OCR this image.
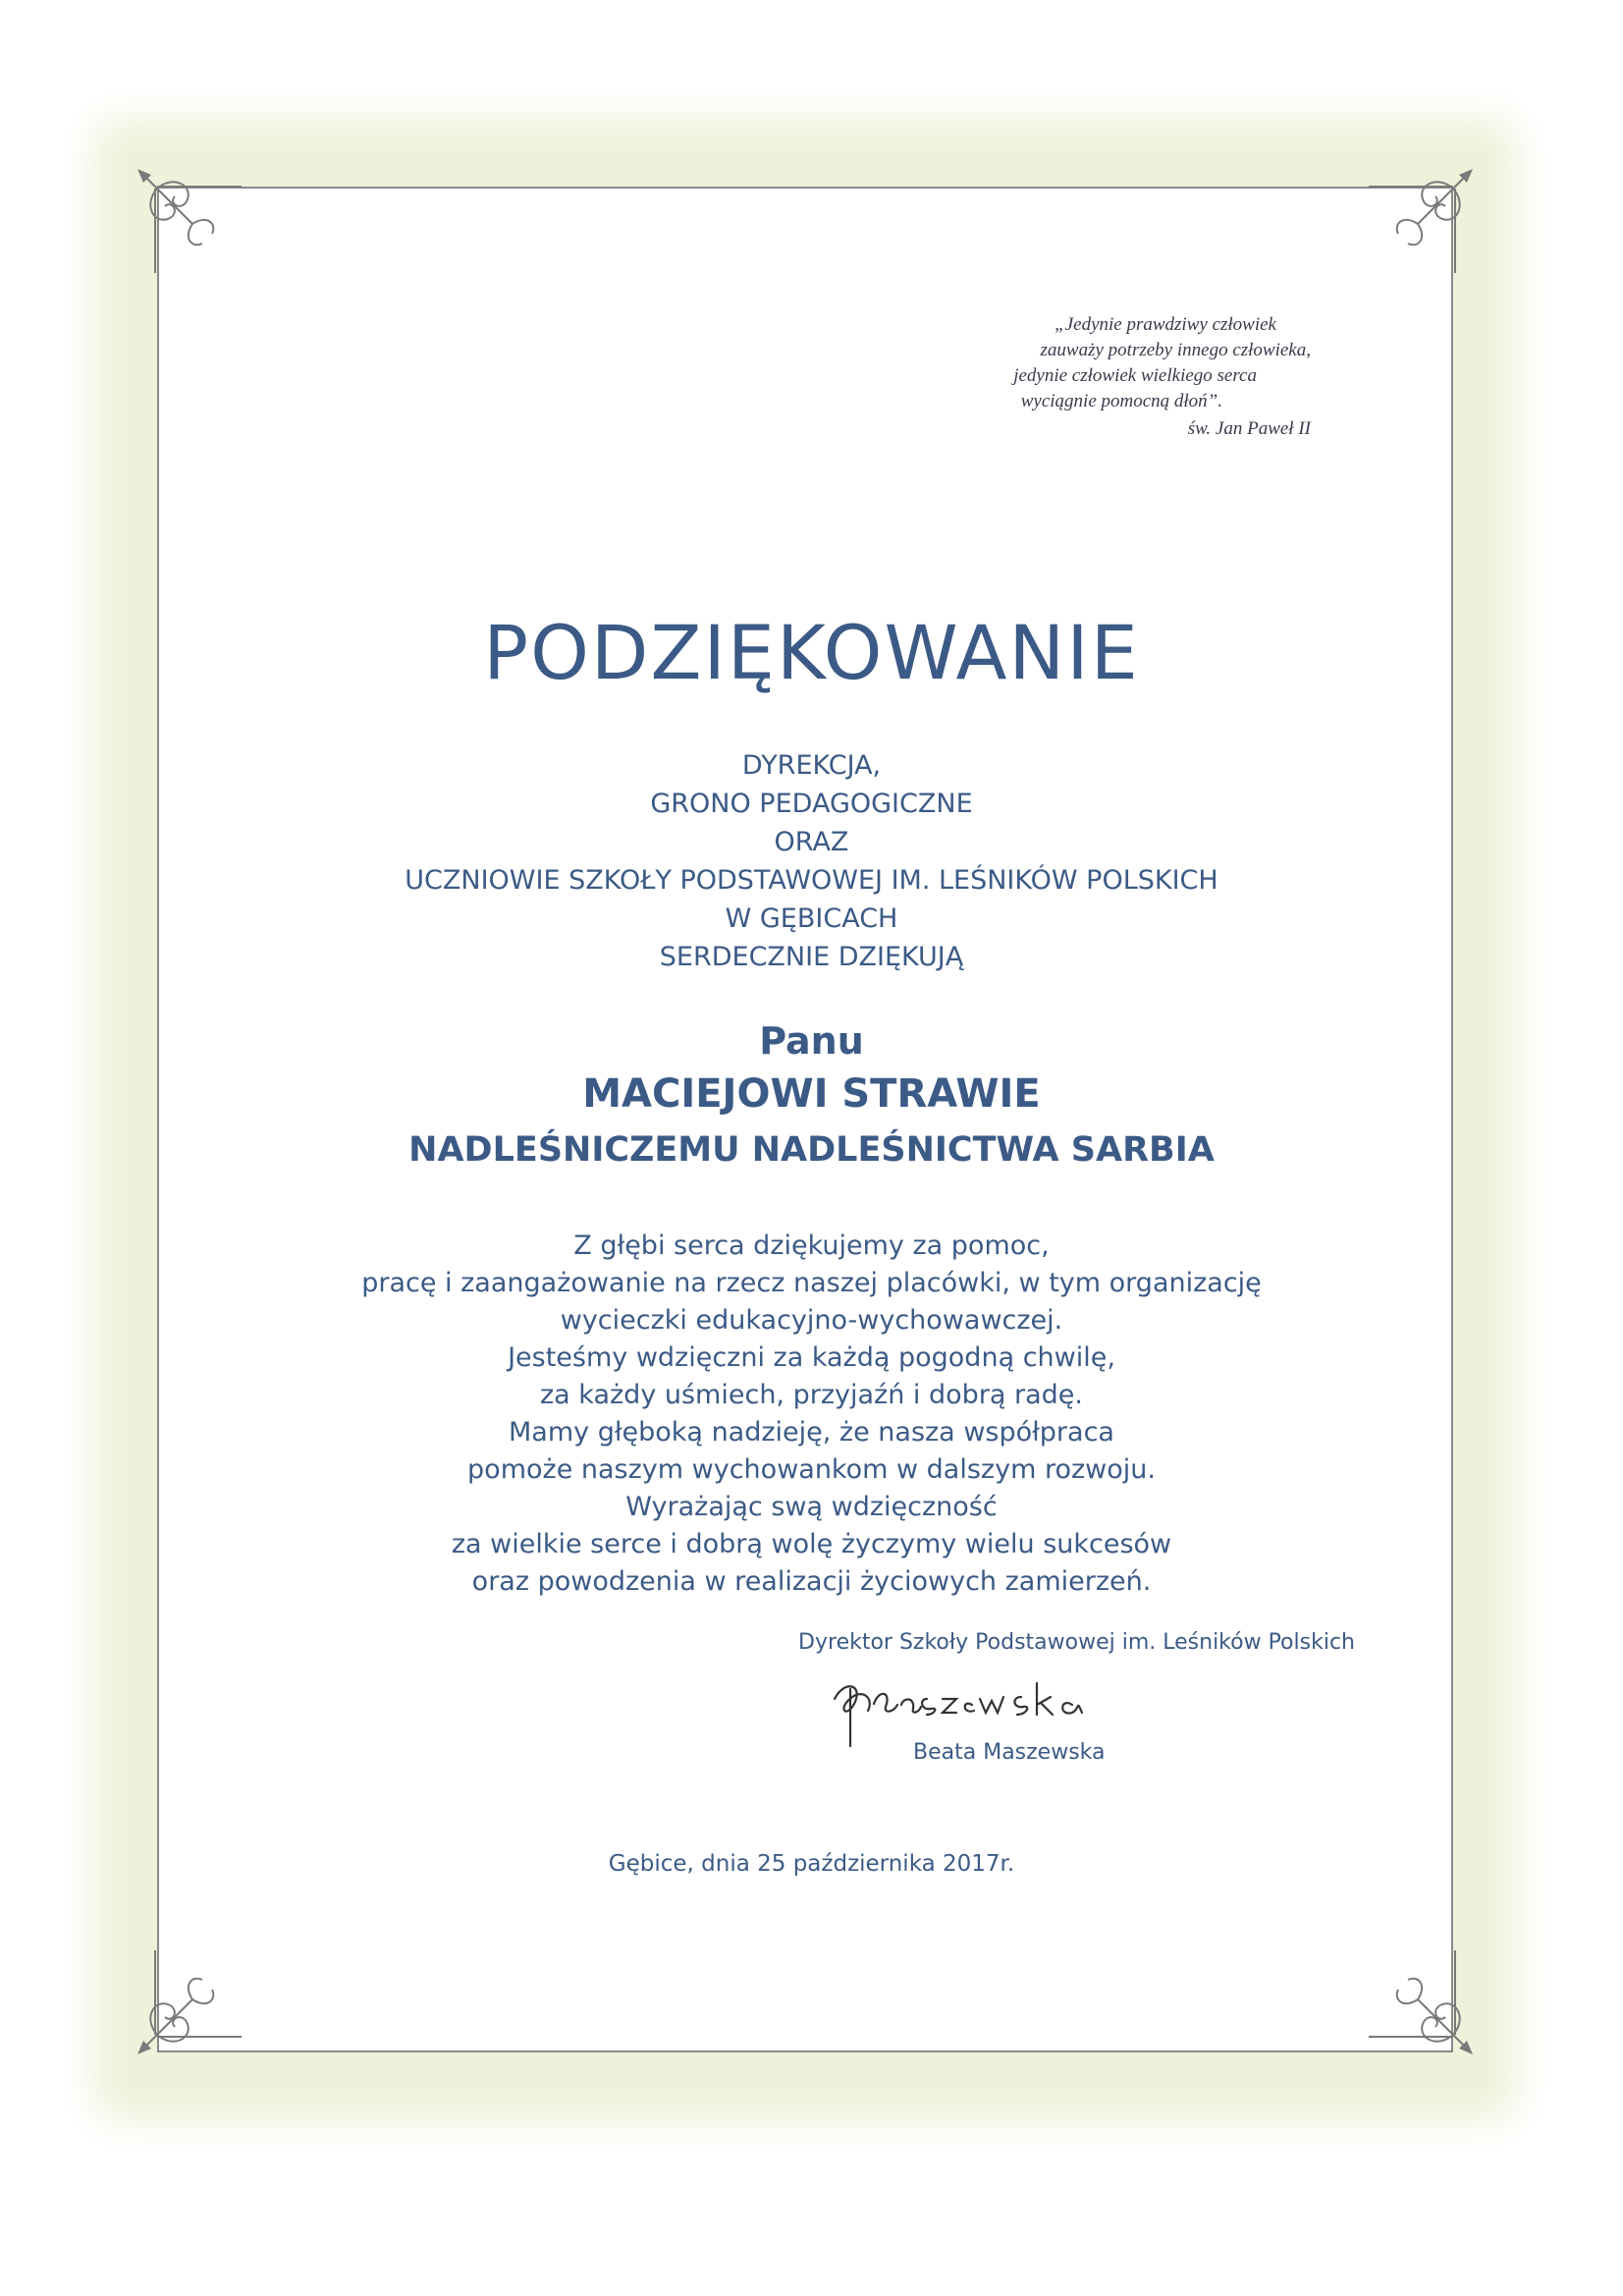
„Jedynie prawdziwy człowiek
zauważy potrzeby innego człowieka,
jedynie człowiek wielkiego serca
wyciągnie pomocną dłoń”.
św. Jan Paweł II
PODZIĘKOWANIE
DYREKCJA,
GRONO PEDAGOGICZNE
ORAZ
UCZNIOWIE SZKOŁY PODSTAWOWEJ IM. LEŚNIKÓW POLSKICH
W GĘBICACH
SERDECZNIE DZIĘKUJĄ
Panu
MACIEJOWI STRAWIE
NADLEŚNICZEMU NADLEŚNICTWA SARBIA
Z głębi serca dziękujemy za pomoc,
pracę i zaangażowanie na rzecz naszej placówki, w tym organizację
wycieczki edukacyjno-wychowawczej.
Jesteśmy wdzięczni za każdą pogodną chwilę,
za każdy uśmiech, przyjaźń i dobrą radę.
Mamy głęboką nadzieję, że nasza współpraca
pomoże naszym wychowankom w dalszym rozwoju.
Wyrażając swą wdzięczność
za wielkie serce i dobrą wolę życzymy wielu sukcesów
oraz powodzenia w realizacji życiowych zamierzeń.
Dyrektor Szkoły Podstawowej im. Leśników Polskich
Beata Maszewska
Gębice, dnia 25 października 2017r.
